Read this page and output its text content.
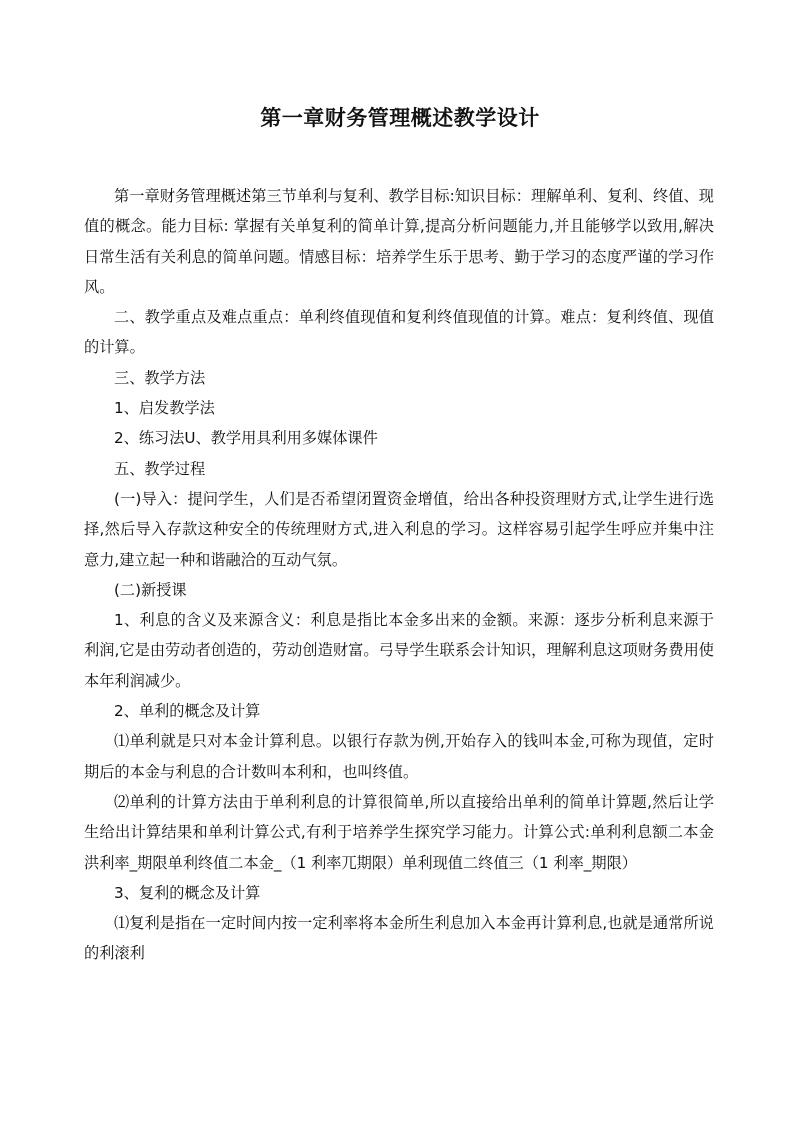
第一章财务管理概述教学设计

第一章财务管理概述第三节单利与复利、教学目标:知识目标：理解单利、复利、终值、现值的概念。能力目标: 掌握有关单复利的简单计算,提高分析问题能力,并且能够学以致用,解决日常生活有关利息的简单问题。情感目标：培养学生乐于思考、勤于学习的态度严谨的学习作风。

二、教学重点及难点重点：单利终值现值和复利终值现值的计算。难点：复利终值、现值的计算。

三、教学方法

1、启发教学法

2、练习法U、教学用具利用多媒体课件

五、教学过程

(一)导入：提问学生，人们是否希望闭置资金增值，给出各种投资理财方式,让学生进行选择,然后导入存款这种安全的传统理财方式,进入利息的学习。这样容易引起学生呼应并集中注意力,建立起一种和谐融洽的互动气氛。

(二)新授课

1、利息的含义及来源含义：利息是指比本金多出来的金额。来源：逐步分析利息来源于利润,它是由劳动者创造的，劳动创造财富。弓导学生联系会计知识，理解利息这项财务费用使本年利润减少。

2、单利的概念及计算

⑴单利就是只对本金计算利息。以银行存款为例,开始存入的钱叫本金,可称为现值，定时期后的本金与利息的合计数叫本利和，也叫终值。

⑵单利的计算方法由于单利利息的计算很简单,所以直接给出单利的简单计算题,然后让学生给出计算结果和单利计算公式,有利于培养学生探究学习能力。计算公式:单利利息额二本金洪利率_期限单利终值二本金_（1 利率兀期限）单利现值二终值三（1 利率_期限）

3、复利的概念及计算

⑴复利是指在一定时间内按一定利率将本金所生利息加入本金再计算利息,也就是通常所说的利滚利
